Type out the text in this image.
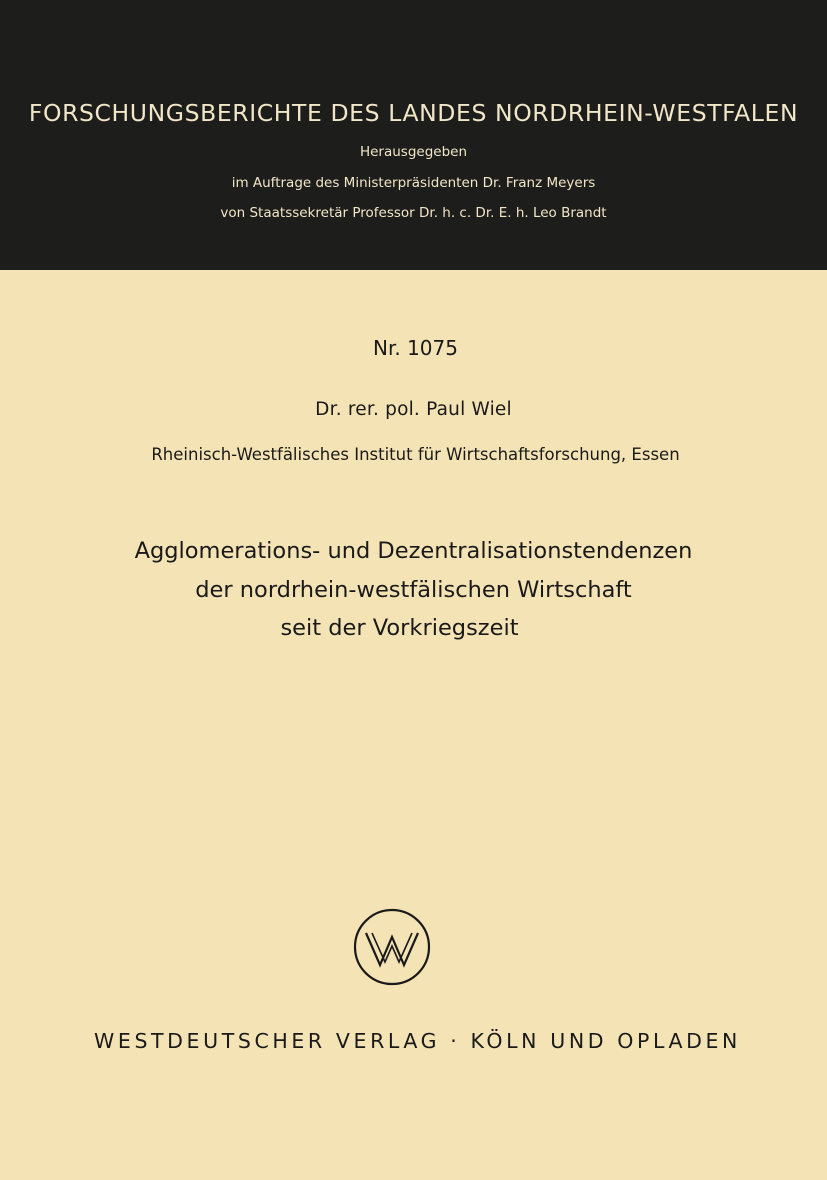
FORSCHUNGSBERICHTE DES LANDES NORDRHEIN-WESTFALEN
Herausgegeben
im Auftrage des Ministerpräsidenten Dr. Franz Meyers
von Staatssekretär Professor Dr. h. c. Dr. E. h. Leo Brandt
Nr. 1075
Dr. rer. pol. Paul Wiel
Rheinisch-Westfälisches Institut für Wirtschaftsforschung, Essen
Agglomerations- und Dezentralisationstendenzen
der nordrhein-westfälischen Wirtschaft
seit der Vorkriegszeit
WESTDEUTSCHER VERLAG · KÖLN UND OPLADEN
